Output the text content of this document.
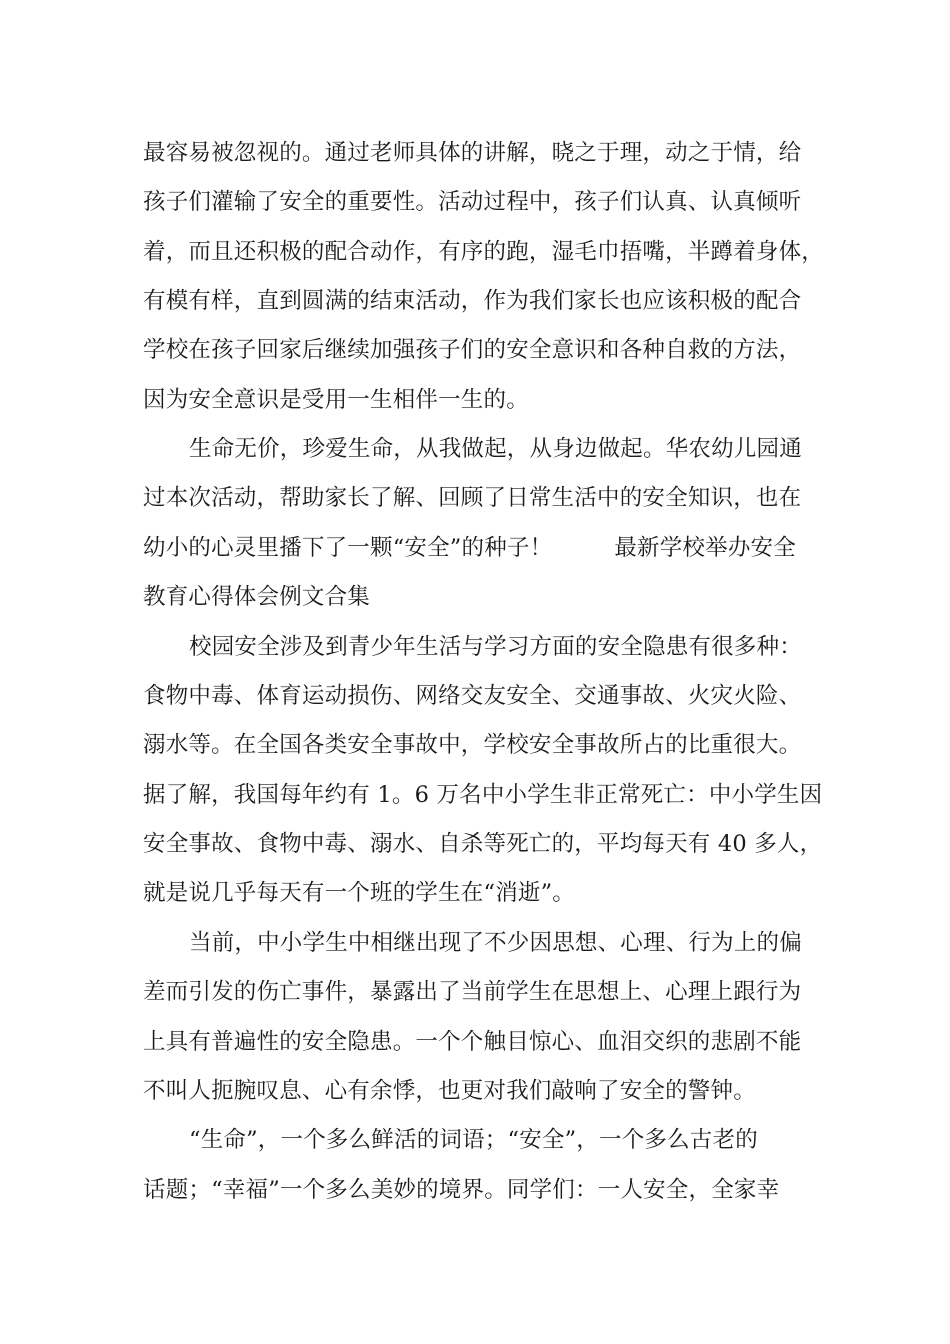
最容易被忽视的。通过老师具体的讲解，晓之于理，动之于情，给
孩子们灌输了安全的重要性。活动过程中，孩子们认真、认真倾听
着，而且还积极的配合动作，有序的跑，湿毛巾捂嘴，半蹲着身体，
有模有样，直到圆满的结束活动，作为我们家长也应该积极的配合
学校在孩子回家后继续加强孩子们的安全意识和各种自救的方法，
因为安全意识是受用一生相伴一生的。
生命无价，珍爱生命，从我做起，从身边做起。华农幼儿园通
过本次活动，帮助家长了解、回顾了日常生活中的安全知识，也在
幼小的心灵里播下了一颗“安全”的种子！	最新学校举办安全
教育心得体会例文合集
校园安全涉及到青少年生活与学习方面的安全隐患有很多种：
食物中毒、体育运动损伤、网络交友安全、交通事故、火灾火险、
溺水等。在全国各类安全事故中，学校安全事故所占的比重很大。
据了解，我国每年约有 1。6 万名中小学生非正常死亡：中小学生因
安全事故、食物中毒、溺水、自杀等死亡的，平均每天有 40 多人，
就是说几乎每天有一个班的学生在“消逝”。
当前，中小学生中相继出现了不少因思想、心理、行为上的偏
差而引发的伤亡事件，暴露出了当前学生在思想上、心理上跟行为
上具有普遍性的安全隐患。一个个触目惊心、血泪交织的悲剧不能
不叫人扼腕叹息、心有余悸，也更对我们敲响了安全的警钟。
“生命”，一个多么鲜活的词语；“安全”，一个多么古老的
话题；“幸福”一个多么美妙的境界。同学们：一人安全，全家幸
